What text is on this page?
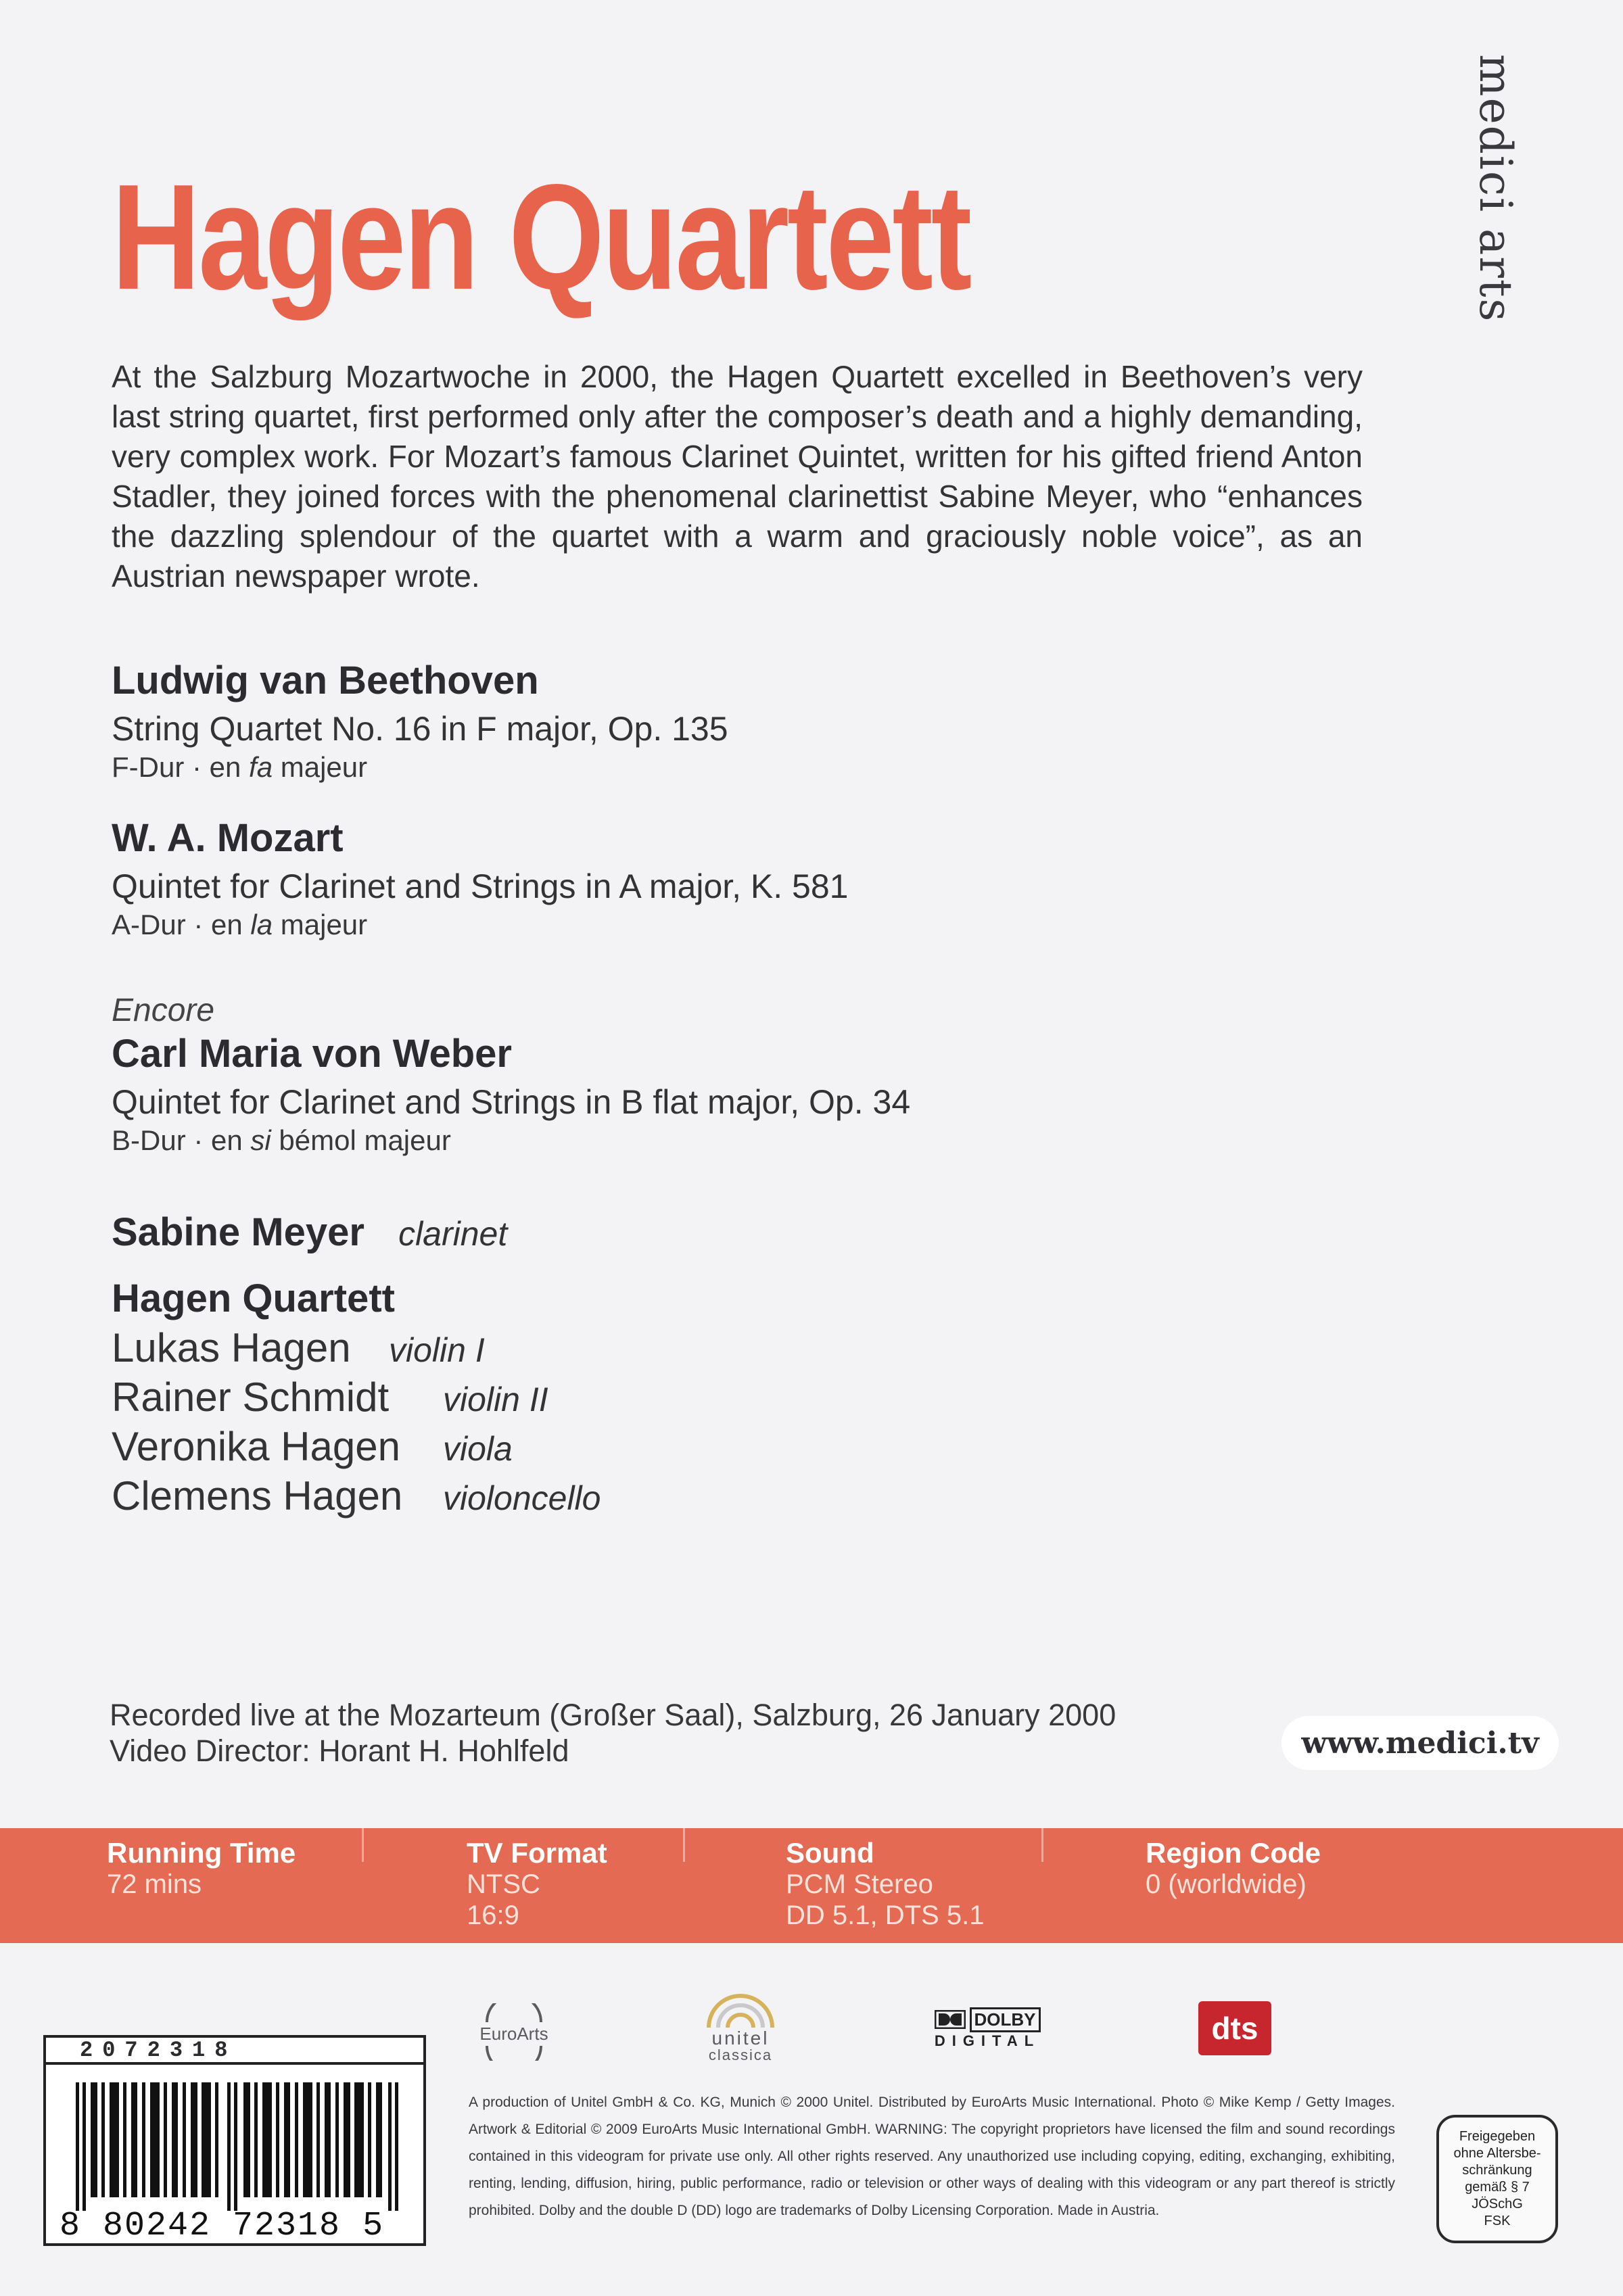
medici arts
Hagen Quartett

At the Salzburg Mozartwoche in 2000, the Hagen Quartett excelled in Beethoven’s very last string quartet, first performed only after the composer’s death and a highly demanding, very complex work. For Mozart’s famous Clarinet Quintet, written for his gifted friend Anton Stadler, they joined forces with the phenomenal clarinettist Sabine Meyer, who “enhances the dazzling splendour of the quartet with a warm and graciously noble voice”, as an Austrian newspaper wrote.

Ludwig van Beethoven
String Quartet No. 16 in F major, Op. 135
F-Dur · en fa majeur
W. A. Mozart
Quintet for Clarinet and Strings in A major, K. 581
A-Dur · en la majeur
Encore
Carl Maria von Weber
Quintet for Clarinet and Strings in B flat major, Op. 34
B-Dur · en si bémol majeur
Sabine Meyer clarinet
Hagen Quartett
Lukas Hagen violin I
Rainer Schmidt violin II
Veronika Hagen viola
Clemens Hagen violoncello
Recorded live at the Mozarteum (Großer Saal), Salzburg, 26 January 2000
Video Director: Horant H. Hohlfeld	www.medici.tv
Running Time
72 mins
TV Format
NTSC
16:9
Sound
PCM Stereo
DD 5.1, DTS 5.1
Region Code
0 (worldwide)
EuroArts	unitel
classica
DOLBY
DIGITAL	dts
2072318
8 80242 72318 5
A production of Unitel GmbH & Co. KG, Munich © 2000 Unitel. Distributed by EuroArts Music International. Photo © Mike Kemp / Getty Images. Artwork & Editorial © 2009 EuroArts Music International GmbH. WARNING: The copyright proprietors have licensed the film and sound recordings contained in this videogram for private use only. All other rights reserved. Any unauthorized use including copying, editing, exchanging, exhibiting, renting, lending, diffusion, hiring, public performance, radio or television or other ways of dealing with this videogram or any part thereof is strictly prohibited. Dolby and the double D (DD) logo are trademarks of Dolby Licensing Corporation. Made in Austria.
Freigegeben
ohne Altersbe-
schränkung
gemäß § 7
JÖSchG
FSK
